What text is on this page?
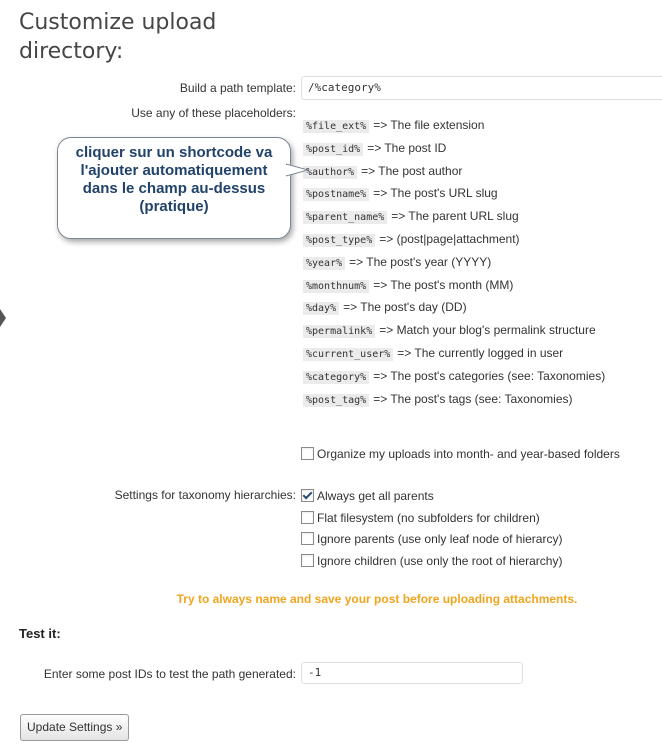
Customize upload directory:
Build a path template:	/%category%
Use any of these placeholders:
%file_ext% => The file extension
%post_id% => The post ID
%author% => The post author
%postname% => The post's URL slug
%parent_name% => The parent URL slug
%post_type% => (post|page|attachment)
%year% => The post's year (YYYY)
%monthnum% => The post's month (MM)
%day% => The post's day (DD)
%permalink% => Match your blog's permalink structure
%current_user% => The currently logged in user
%category% => The post's categories (see: Taxonomies)
%post_tag% => The post's tags (see: Taxonomies)
Organize my uploads into month- and year-based folders
Settings for taxonomy hierarchies:	Always get all parents
Flat filesystem (no subfolders for children)
Ignore parents (use only leaf node of hierarcy)
Ignore children (use only the root of hierarchy)
Try to always name and save your post before uploading attachments.
Test it:
Enter some post IDs to test the path generated:	-1
Update Settings »
cliquer sur un shortcode va l'ajouter automatiquement dans le champ au-dessus (pratique)
